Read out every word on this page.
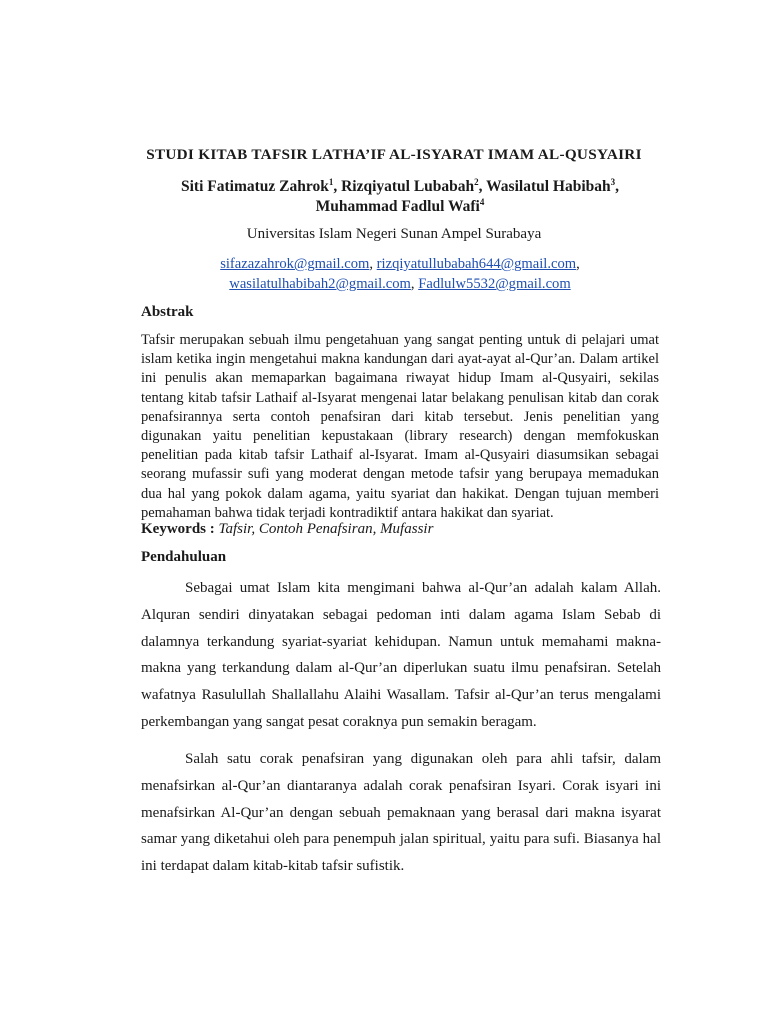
STUDI KITAB TAFSIR LATHA’IF AL-ISYARAT IMAM AL-QUSYAIRI
Siti Fatimatuz Zahrok$^1$, Rizqiyatul Lubabah$^2$, Wasilatul Habibah$^3$, Muhammad Fadlul Wafi$^4$
Universitas Islam Negeri Sunan Ampel Surabaya
sifazazahrok@gmail.com, rizqiyatullubabah644@gmail.com,
wasilatulhabibah2@gmail.com, Fadlulw5532@gmail.com
Abstrak
Tafsir merupakan sebuah ilmu pengetahuan yang sangat penting untuk di pelajari umat islam ketika ingin mengetahui makna kandungan dari ayat-ayat al-Qur’an. Dalam artikel ini penulis akan memaparkan bagaimana riwayat hidup Imam al-Qusyairi, sekilas tentang kitab tafsir Lathaif al-Isyarat mengenai latar belakang penulisan kitab dan corak penafsirannya serta contoh penafsiran dari kitab tersebut. Jenis penelitian yang digunakan yaitu penelitian kepustakaan (library research) dengan memfokuskan penelitian pada kitab tafsir Lathaif al-Isyarat. Imam al-Qusyairi diasumsikan sebagai seorang mufassir sufi yang moderat dengan metode tafsir yang berupaya memadukan dua hal yang pokok dalam agama, yaitu syariat dan hakikat. Dengan tujuan memberi pemahaman bahwa tidak terjadi kontradiktif antara hakikat dan syariat.
Keywords : Tafsir, Contoh Penafsiran, Mufassir
Pendahuluan
Sebagai umat Islam kita mengimani bahwa al-Qur’an adalah kalam Allah. Alquran sendiri dinyatakan sebagai pedoman inti dalam agama Islam Sebab di dalamnya terkandung syariat-syariat kehidupan. Namun untuk memahami makna-makna yang terkandung dalam al-Qur’an diperlukan suatu ilmu penafsiran. Setelah wafatnya Rasulullah Shallallahu Alaihi Wasallam. Tafsir al-Qur’an terus mengalami perkembangan yang sangat pesat coraknya pun semakin beragam.
Salah satu corak penafsiran yang digunakan oleh para ahli tafsir, dalam menafsirkan al-Qur’an diantaranya adalah corak penafsiran Isyari. Corak isyari ini menafsirkan Al-Qur’an dengan sebuah pemaknaan yang berasal dari makna isyarat samar yang diketahui oleh para penempuh jalan spiritual, yaitu para sufi. Biasanya hal ini terdapat dalam kitab-kitab tafsir sufistik.
